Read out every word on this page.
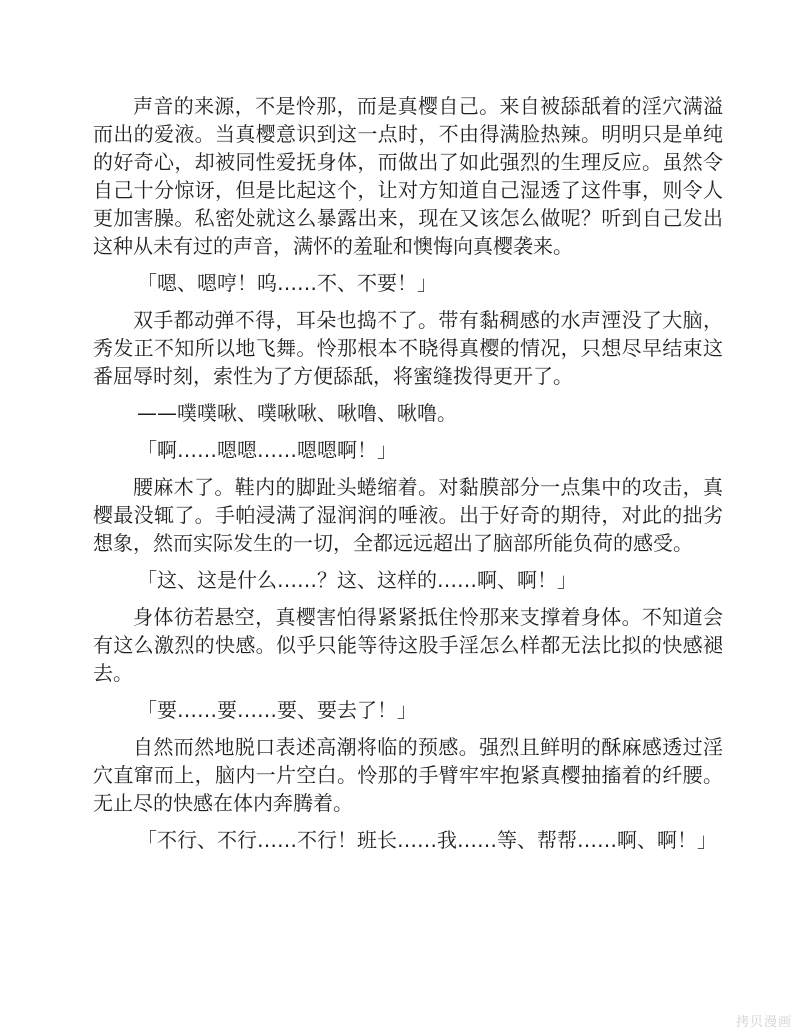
声音的来源，不是怜那，而是真樱自己。来自被舔舐着的淫穴满溢而出的爱液。当真樱意识到这一点时，不由得满脸热辣。明明只是单纯的好奇心，却被同性爱抚身体，而做出了如此强烈的生理反应。虽然令自己十分惊讶，但是比起这个，让对方知道自己湿透了这件事，则令人更加害臊。私密处就这么暴露出来，现在又该怎么做呢？听到自己发出这种从未有过的声音，满怀的羞耻和懊悔向真樱袭来。

「嗯、嗯哼！呜……不、不要！」

双手都动弹不得，耳朵也捣不了。带有黏稠感的水声湮没了大脑，秀发正不知所以地飞舞。怜那根本不晓得真樱的情况，只想尽早结束这番屈辱时刻，索性为了方便舔舐，将蜜缝拨得更开了。

——噗噗啾、噗啾啾、啾噜、啾噜。

「啊……嗯嗯……嗯嗯啊！」

腰麻木了。鞋内的脚趾头蜷缩着。对黏膜部分一点集中的攻击，真樱最没辄了。手帕浸满了湿润润的唾液。出于好奇的期待，对此的拙劣想象，然而实际发生的一切，全都远远超出了脑部所能负荷的感受。

「这、这是什么……？这、这样的……啊、啊！」

身体彷若悬空，真樱害怕得紧紧抵住怜那来支撑着身体。不知道会有这么激烈的快感。似乎只能等待这股手淫怎么样都无法比拟的快感褪去。

「要……要……要、要去了！」

自然而然地脱口表述高潮将临的预感。强烈且鲜明的酥麻感透过淫穴直窜而上，脑内一片空白。怜那的手臂牢牢抱紧真樱抽搐着的纤腰。无止尽的快感在体内奔腾着。

「不行、不行……不行！班长……我……等、帮帮……啊、啊！」

拷贝漫画
